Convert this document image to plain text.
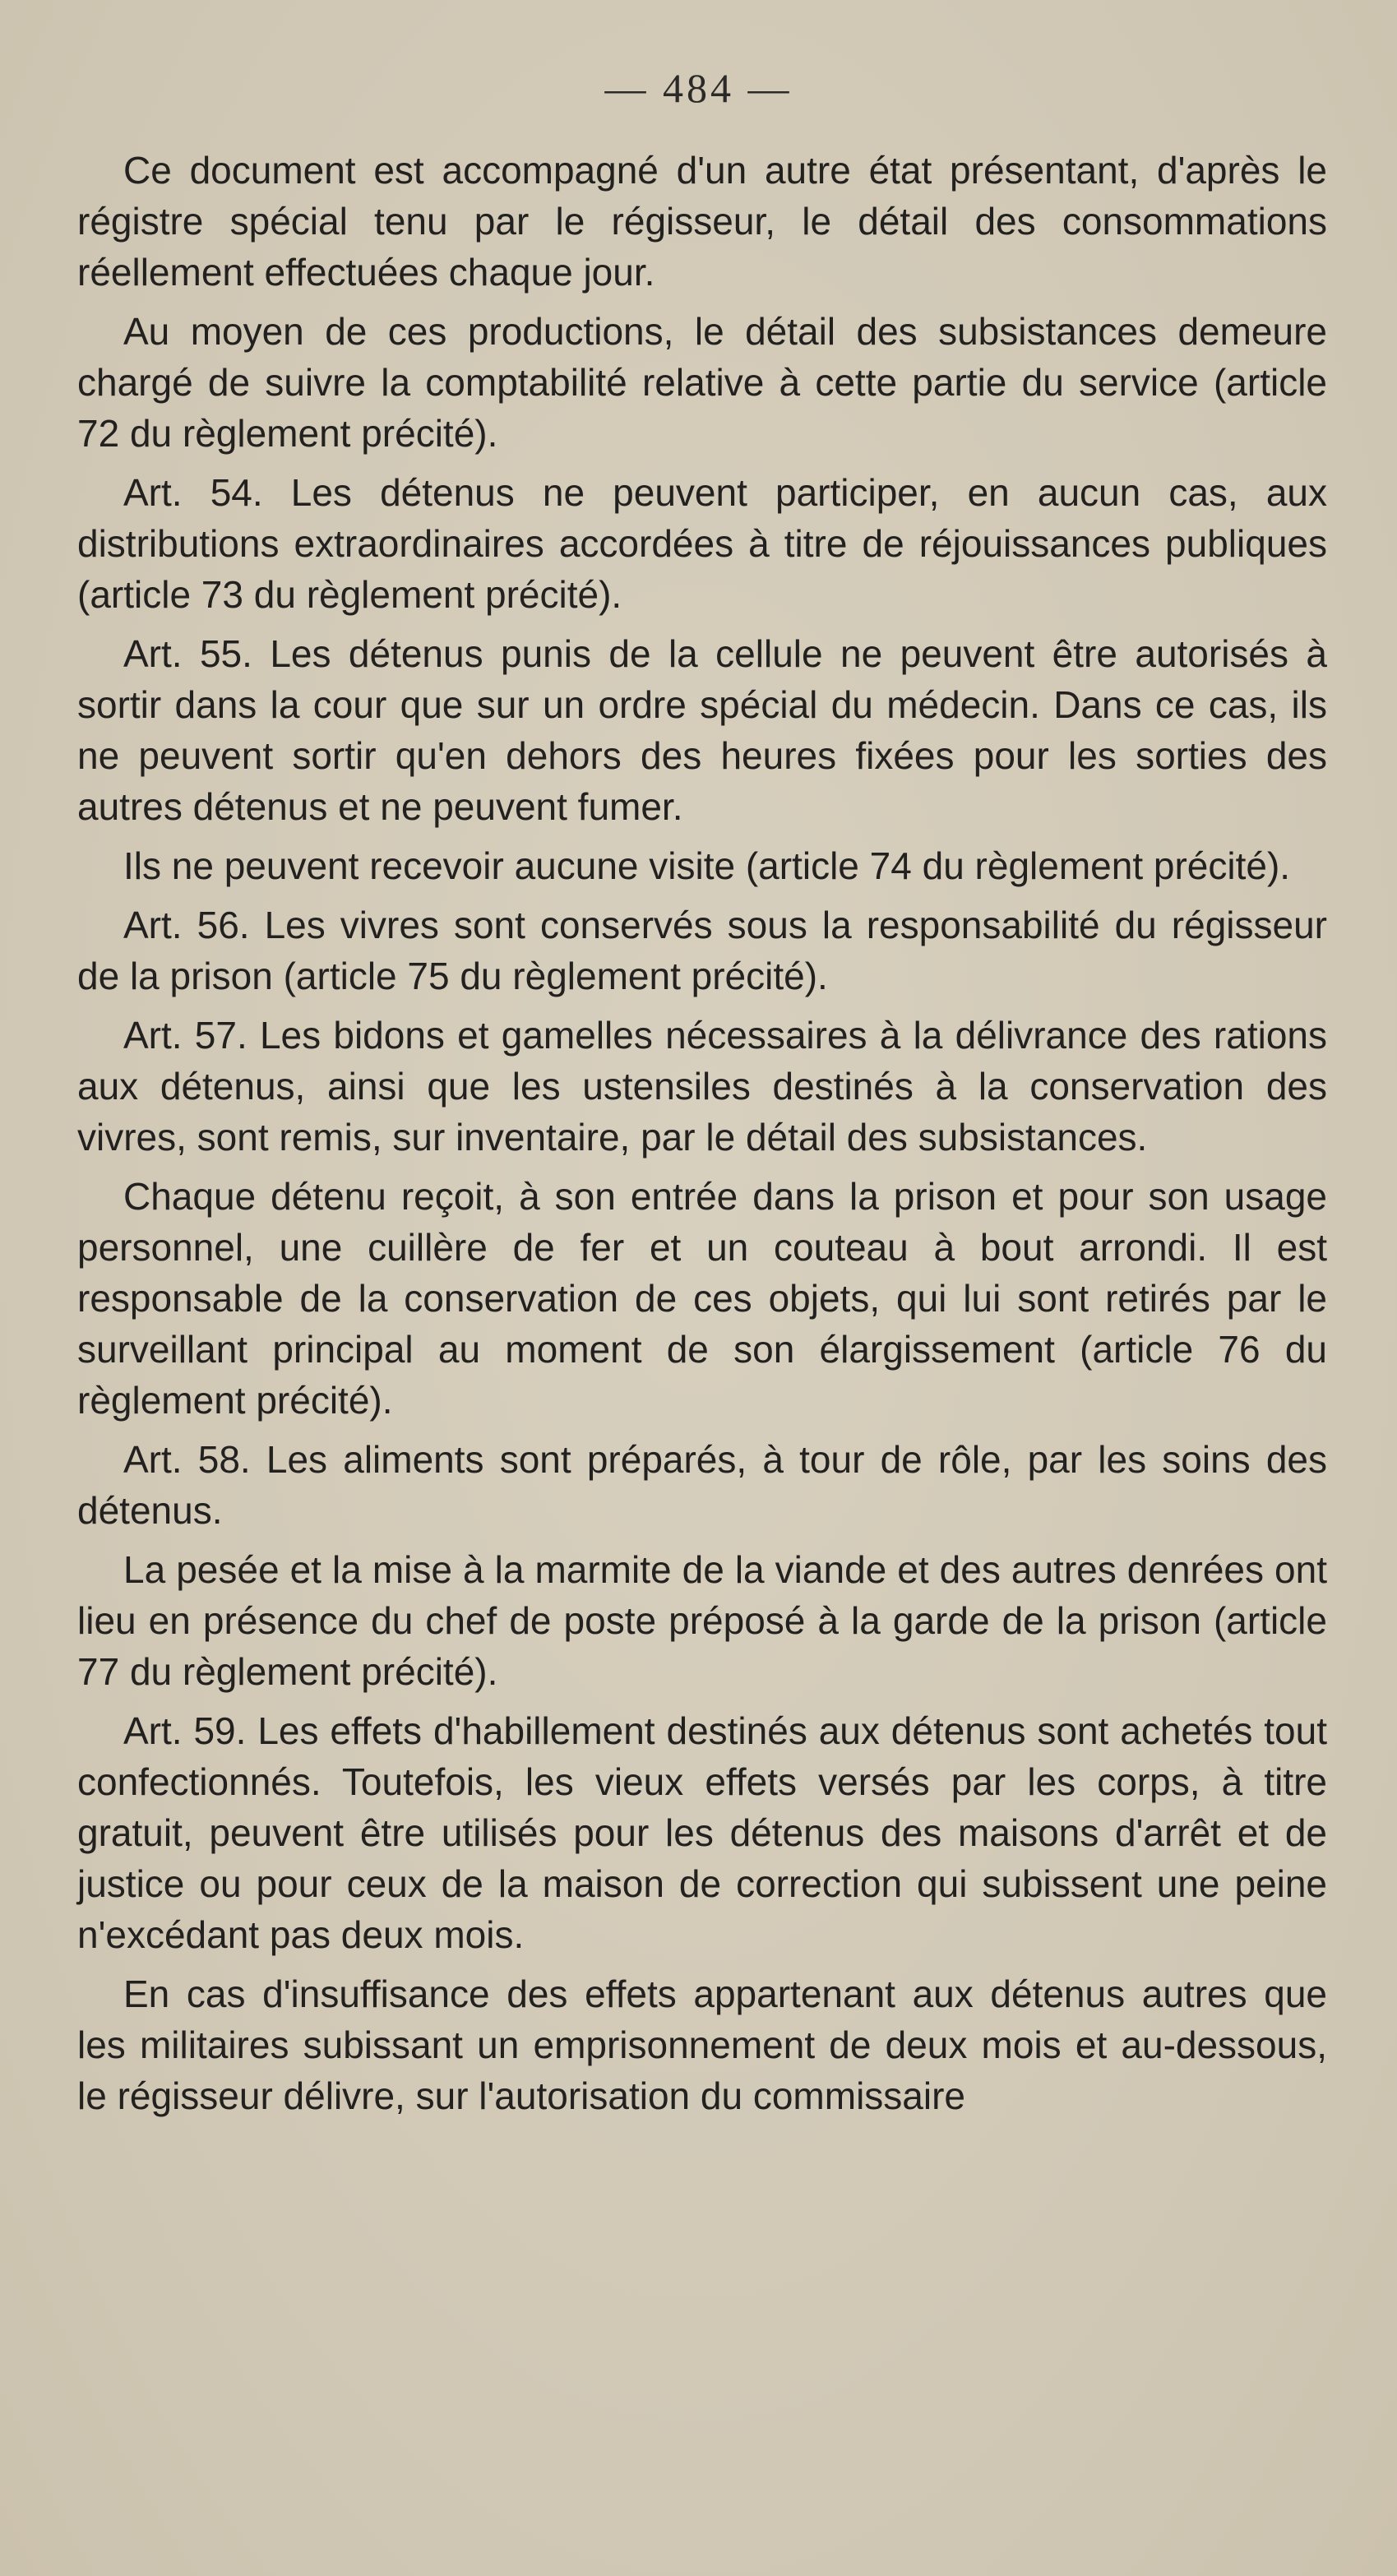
— 484 —

Ce document est accompagné d'un autre état présentant, d'après le régistre spécial tenu par le régisseur, le détail des consommations réellement effectuées chaque jour.

Au moyen de ces productions, le détail des subsistances demeure chargé de suivre la comptabilité relative à cette partie du service (article 72 du règlement précité).

Art. 54. Les détenus ne peuvent participer, en aucun cas, aux distributions extraordinaires accordées à titre de réjouissances publiques (article 73 du règlement précité).

Art. 55. Les détenus punis de la cellule ne peuvent être autorisés à sortir dans la cour que sur un ordre spécial du médecin. Dans ce cas, ils ne peuvent sortir qu'en dehors des heures fixées pour les sorties des autres détenus et ne peuvent fumer.

Ils ne peuvent recevoir aucune visite (article 74 du règlement précité).

Art. 56. Les vivres sont conservés sous la responsabilité du régisseur de la prison (article 75 du règlement précité).

Art. 57. Les bidons et gamelles nécessaires à la délivrance des rations aux détenus, ainsi que les ustensiles destinés à la conservation des vivres, sont remis, sur inventaire, par le détail des subsistances.

Chaque détenu reçoit, à son entrée dans la prison et pour son usage personnel, une cuillère de fer et un couteau à bout arrondi. Il est responsable de la conservation de ces objets, qui lui sont retirés par le surveillant principal au moment de son élargissement (article 76 du règlement précité).

Art. 58. Les aliments sont préparés, à tour de rôle, par les soins des détenus.

La pesée et la mise à la marmite de la viande et des autres denrées ont lieu en présence du chef de poste préposé à la garde de la prison (article 77 du règlement précité).

Art. 59. Les effets d'habillement destinés aux détenus sont achetés tout confectionnés. Toutefois, les vieux effets versés par les corps, à titre gratuit, peuvent être utilisés pour les détenus des maisons d'arrêt et de justice ou pour ceux de la maison de correction qui subissent une peine n'excédant pas deux mois.

En cas d'insuffisance des effets appartenant aux détenus autres que les militaires subissant un emprisonnement de deux mois et au-dessous, le régisseur délivre, sur l'autorisation du commissaire
